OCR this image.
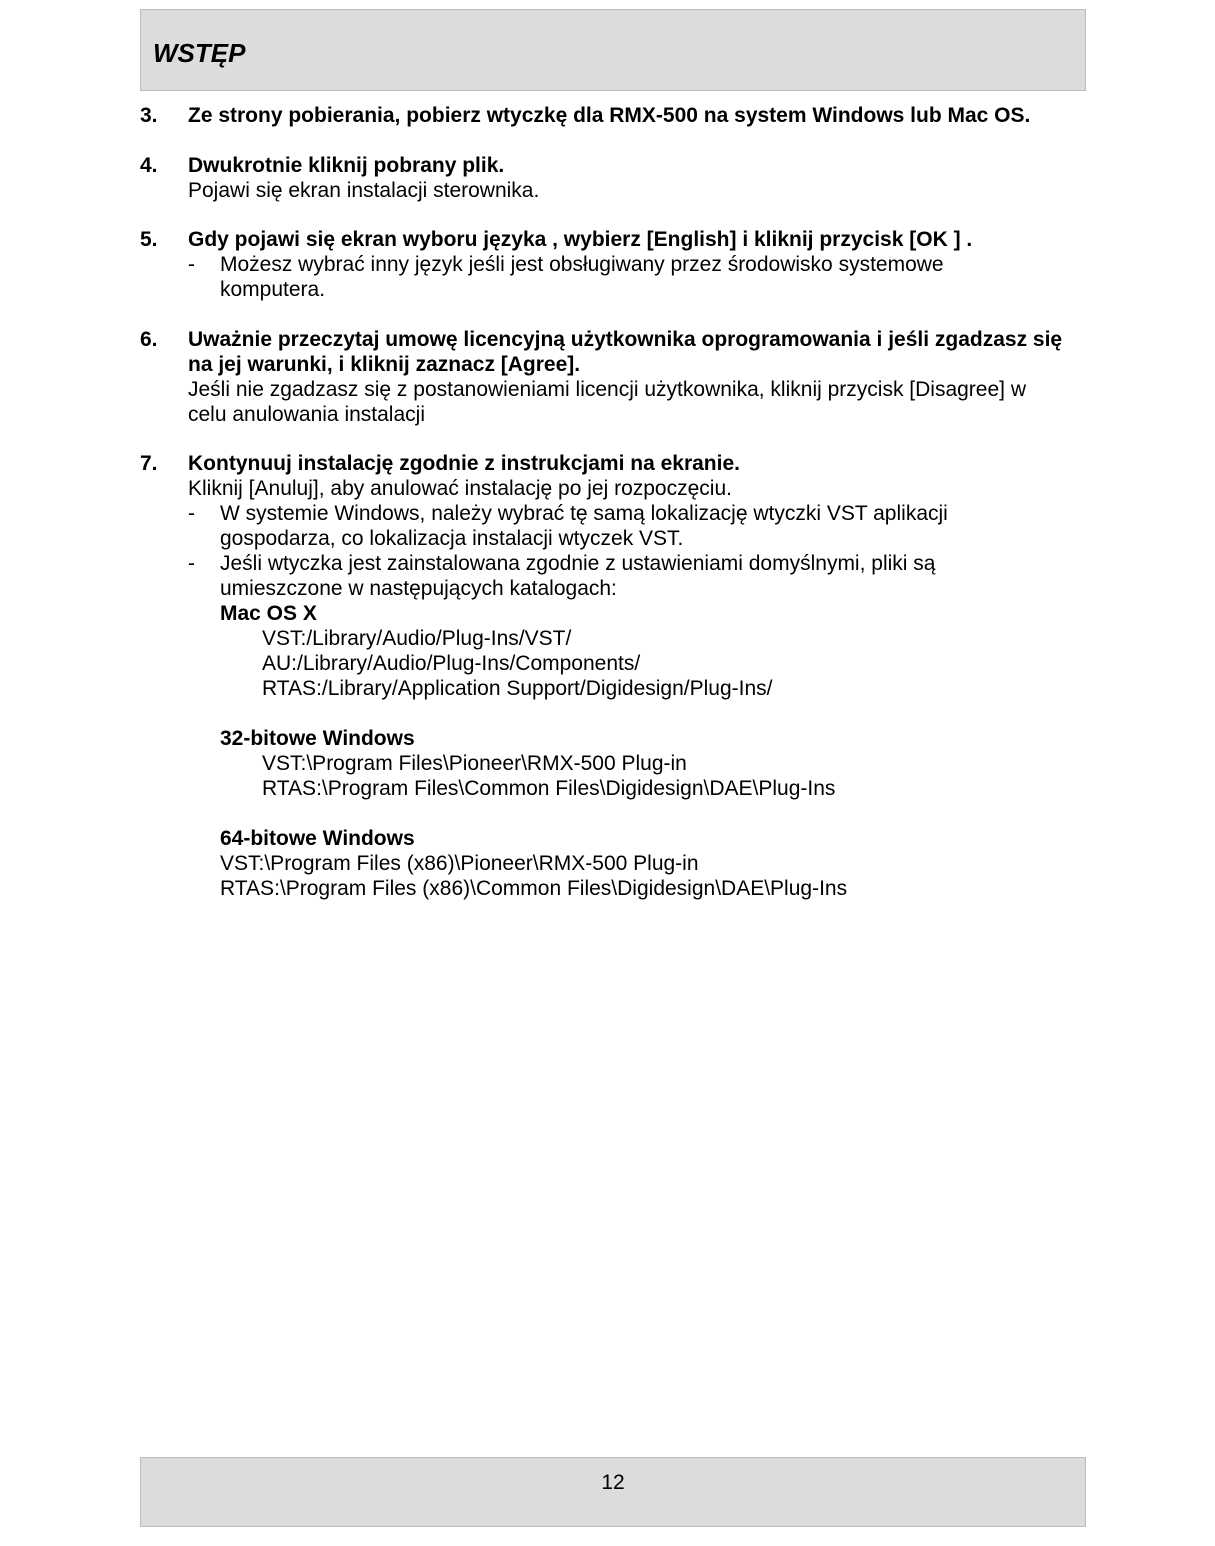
WSTĘP
3. Ze strony pobierania, pobierz wtyczkę dla RMX-500 na system Windows lub Mac OS.
4. Dwukrotnie kliknij pobrany plik.
Pojawi się ekran instalacji sterownika.
5. Gdy pojawi się ekran wyboru języka , wybierz [English] i kliknij przycisk [OK ] .
- Możesz wybrać inny język jeśli jest obsługiwany przez środowisko systemowe komputera.
6. Uważnie przeczytaj umowę licencyjną użytkownika oprogramowania i jeśli zgadzasz się na jej warunki, i kliknij zaznacz [Agree].
Jeśli nie zgadzasz się z postanowieniami licencji użytkownika, kliknij przycisk [Disagree] w celu anulowania instalacji
7. Kontynuuj instalację zgodnie z instrukcjami na ekranie.
Kliknij [Anuluj], aby anulować instalację po jej rozpoczęciu.
- W systemie Windows, należy wybrać tę samą lokalizację wtyczki VST aplikacji gospodarza, co lokalizacja instalacji wtyczek VST.
- Jeśli wtyczka jest zainstalowana zgodnie z ustawieniami domyślnymi, pliki są umieszczone w następujących katalogach:
Mac OS X
VST:/Library/Audio/Plug-Ins/VST/
AU:/Library/Audio/Plug-Ins/Components/
RTAS:/Library/Application Support/Digidesign/Plug-Ins/
32-bitowe Windows
VST:\Program Files\Pioneer\RMX-500 Plug-in
RTAS:\Program Files\Common Files\Digidesign\DAE\Plug-Ins
64-bitowe Windows
VST:\Program Files (x86)\Pioneer\RMX-500 Plug-in
RTAS:\Program Files (x86)\Common Files\Digidesign\DAE\Plug-Ins
12
